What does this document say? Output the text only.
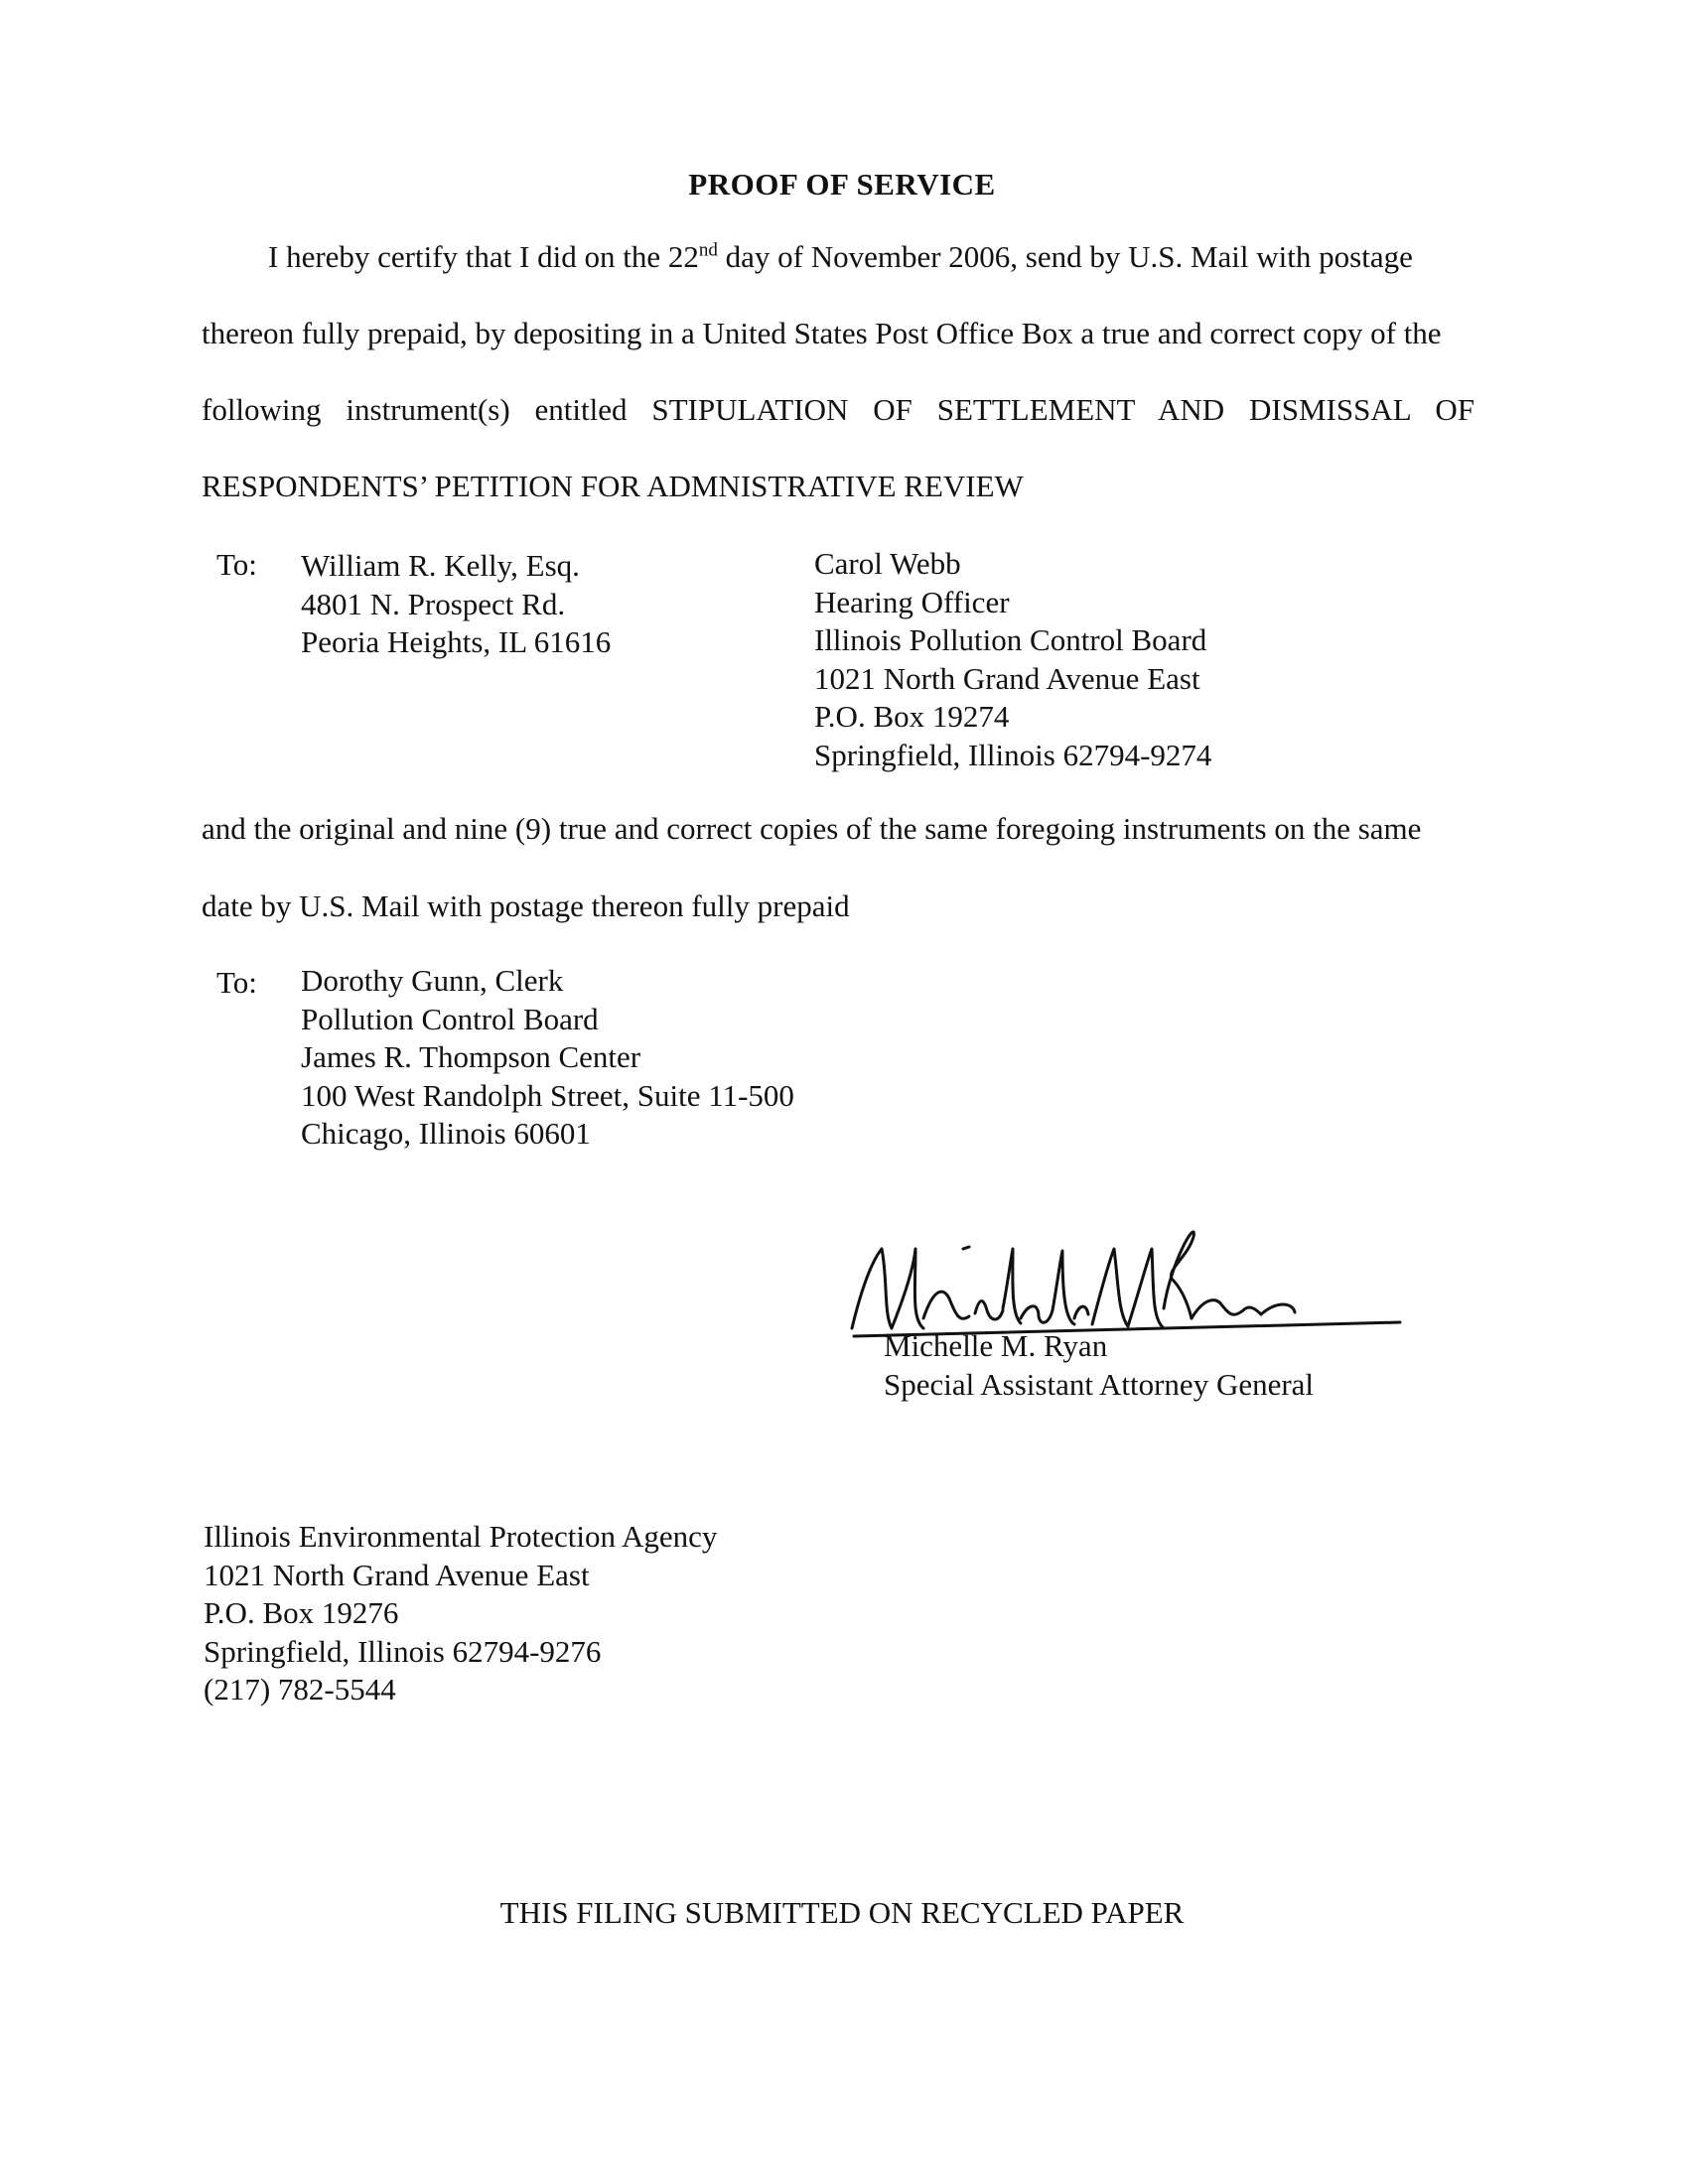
PROOF OF SERVICE
I hereby certify that I did on the 22nd day of November 2006, send by U.S. Mail with postage
thereon fully prepaid, by depositing in a United States Post Office Box a true and correct copy of the
following instrument(s) entitled STIPULATION OF SETTLEMENT AND DISMISSAL OF
RESPONDENTS’ PETITION FOR ADMNISTRATIVE REVIEW
To: William R. Kelly, Esq.
4801 N. Prospect Rd.
Peoria Heights, IL 61616
Carol Webb
Hearing Officer
Illinois Pollution Control Board
1021 North Grand Avenue East
P.O. Box 19274
Springfield, Illinois 62794-9274
and the original and nine (9) true and correct copies of the same foregoing instruments on the same
date by U.S. Mail with postage thereon fully prepaid
To: Dorothy Gunn, Clerk
Pollution Control Board
James R. Thompson Center
100 West Randolph Street, Suite 11-500
Chicago, Illinois 60601
Michelle M. Ryan
Special Assistant Attorney General
Illinois Environmental Protection Agency
1021 North Grand Avenue East
P.O. Box 19276
Springfield, Illinois 62794-9276
(217) 782-5544
THIS FILING SUBMITTED ON RECYCLED PAPER
